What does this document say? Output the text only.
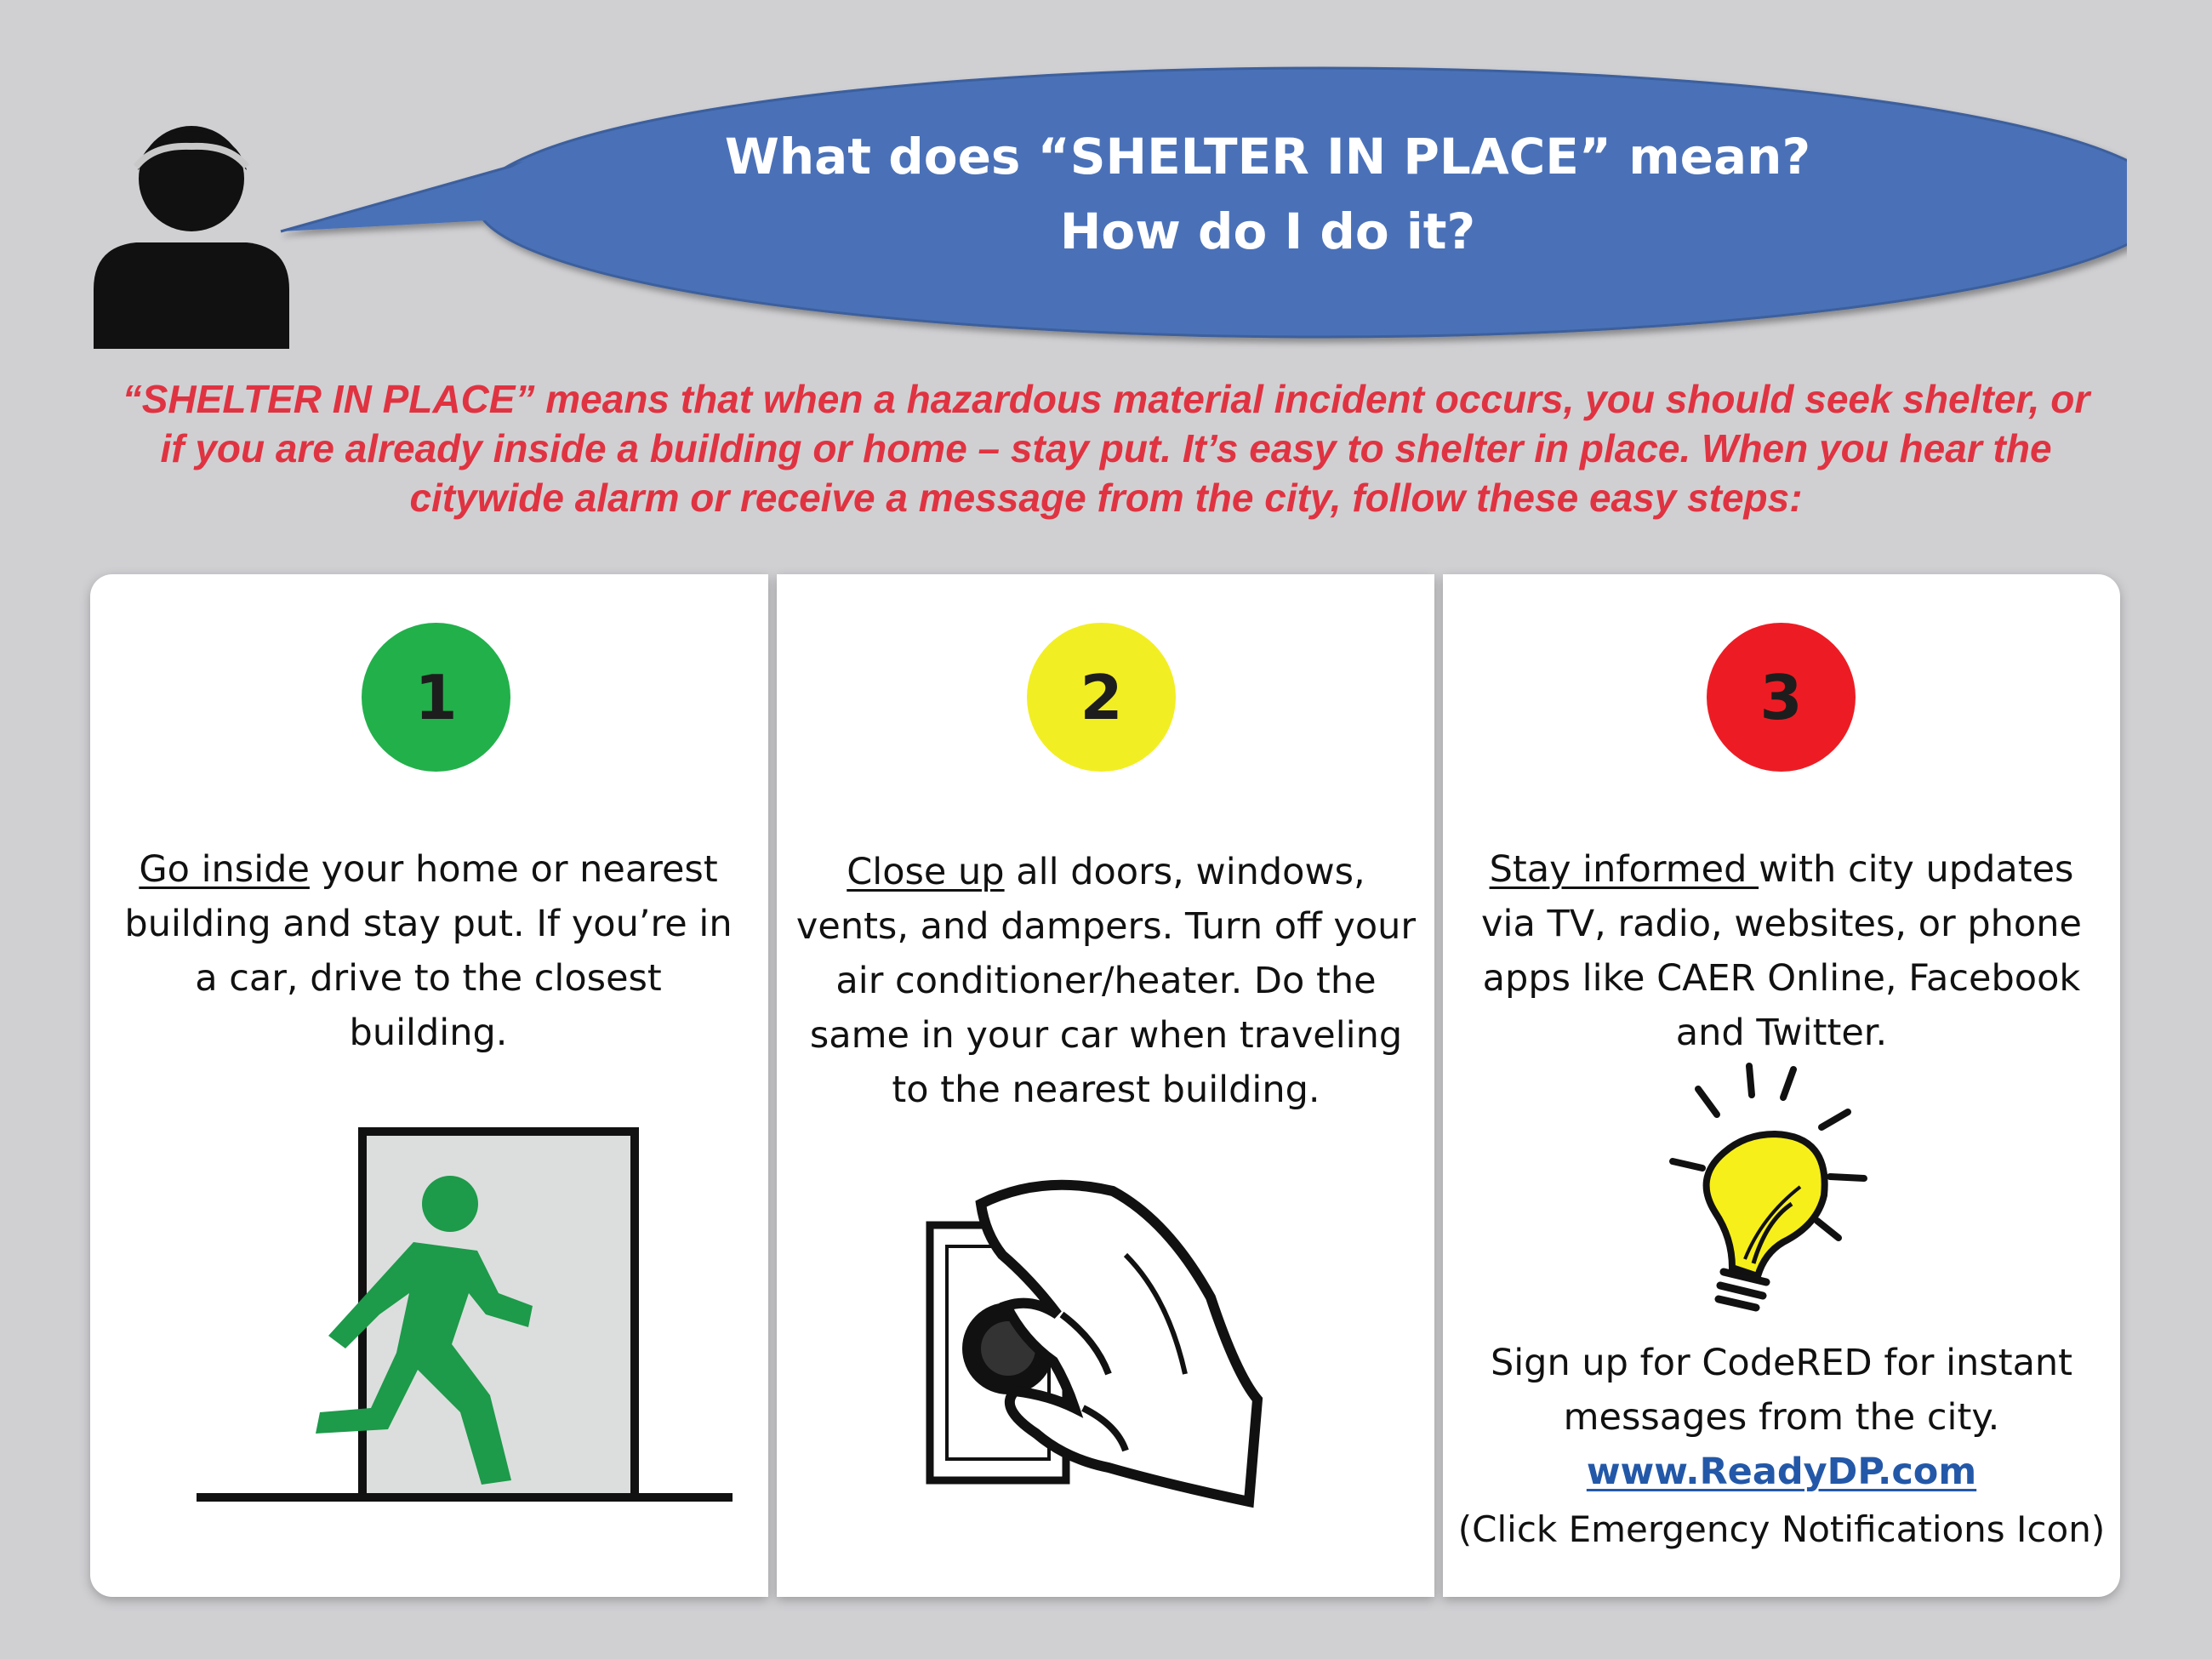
What does “SHELTER IN PLACE” mean?
How do I do it?
“SHELTER IN PLACE” means that when a hazardous material incident occurs, you should seek shelter, or if you are already inside a building or home – stay put. It’s easy to shelter in place. When you hear the citywide alarm or receive a message from the city, follow these easy steps:
1
Go inside your home or nearest building and stay put. If you’re in a car, drive to the closest building.
2
Close up all doors, windows, vents, and dampers. Turn off your air conditioner/heater. Do the same in your car when traveling to the nearest building.
3
Stay informed with city updates via TV, radio, websites, or phone apps like CAER Online, Facebook and Twitter.
Sign up for CodeRED for instant messages from the city.
www.ReadyDP.com
(Click Emergency Notifications Icon)
